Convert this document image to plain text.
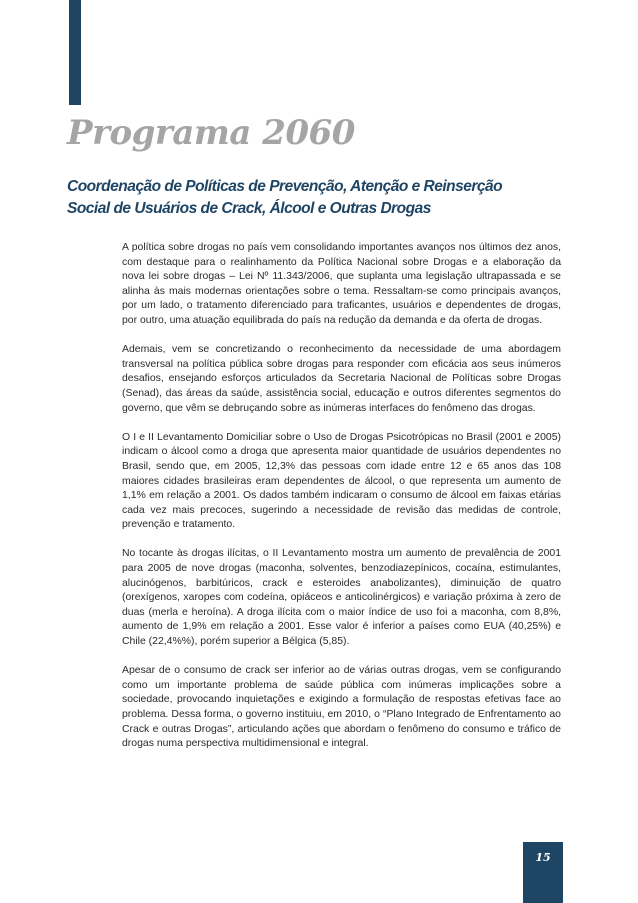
Programa 2060
Coordenação de Políticas de Prevenção, Atenção e Reinserção
Social de Usuários de Crack, Álcool e Outras Drogas

A política sobre drogas no país vem consolidando importantes avanços nos últimos dez anos, com destaque para o realinhamento da Política Nacional sobre Drogas e a elaboração da nova lei sobre drogas – Lei Nº 11.343/2006, que suplanta uma legislação ultrapassada e se alinha às mais modernas orientações sobre o tema. Ressaltam-se como principais avanços, por um lado, o tratamento diferenciado para traficantes, usuários e dependentes de drogas, por outro, uma atuação equilibrada do país na redução da demanda e da oferta de drogas.

Ademais, vem se concretizando o reconhecimento da necessidade de uma abordagem transversal na política pública sobre drogas para responder com eficácia aos seus inúmeros desafios, ensejando esforços articulados da Secretaria Nacional de Políticas sobre Drogas (Senad), das áreas da saúde, assistência social, educação e outros diferentes segmentos do governo, que vêm se debruçando sobre as inúmeras interfaces do fenômeno das drogas.

O I e II Levantamento Domiciliar sobre o Uso de Drogas Psicotrópicas no Brasil (2001 e 2005) indicam o álcool como a droga que apresenta maior quantidade de usuários dependentes no Brasil, sendo que, em 2005, 12,3% das pessoas com idade entre 12 e 65 anos das 108 maiores cidades brasileiras eram dependentes de álcool, o que representa um aumento de 1,1% em relação a 2001. Os dados também indicaram o consumo de álcool em faixas etárias cada vez mais precoces, sugerindo a necessidade de revisão das medidas de controle, prevenção e tratamento.

No tocante às drogas ilícitas, o II Levantamento mostra um aumento de prevalência de 2001 para 2005 de nove drogas (maconha, solventes, benzodiazepínicos, cocaína, estimulantes, alucinógenos, barbitúricos, crack e esteroides anabolizantes), diminuição de quatro (orexígenos, xaropes com codeína, opiáceos e anticolinérgicos) e variação próxima à zero de duas (merla e heroína). A droga ilícita com o maior índice de uso foi a maconha, com 8,8%, aumento de 1,9% em relação a 2001. Esse valor é inferior a países como EUA (40,25%) e Chile (22,4%%), porém superior a Bélgica (5,85).

Apesar de o consumo de crack ser inferior ao de várias outras drogas, vem se configurando como um importante problema de saúde pública com inúmeras implicações sobre a sociedade, provocando inquietações e exigindo a formulação de respostas efetivas face ao problema. Dessa forma, o governo instituiu, em 2010, o “Plano Integrado de Enfrentamento ao Crack e outras Drogas”, articulando ações que abordam o fenômeno do consumo e tráfico de drogas numa perspectiva multidimensional e integral.

15
